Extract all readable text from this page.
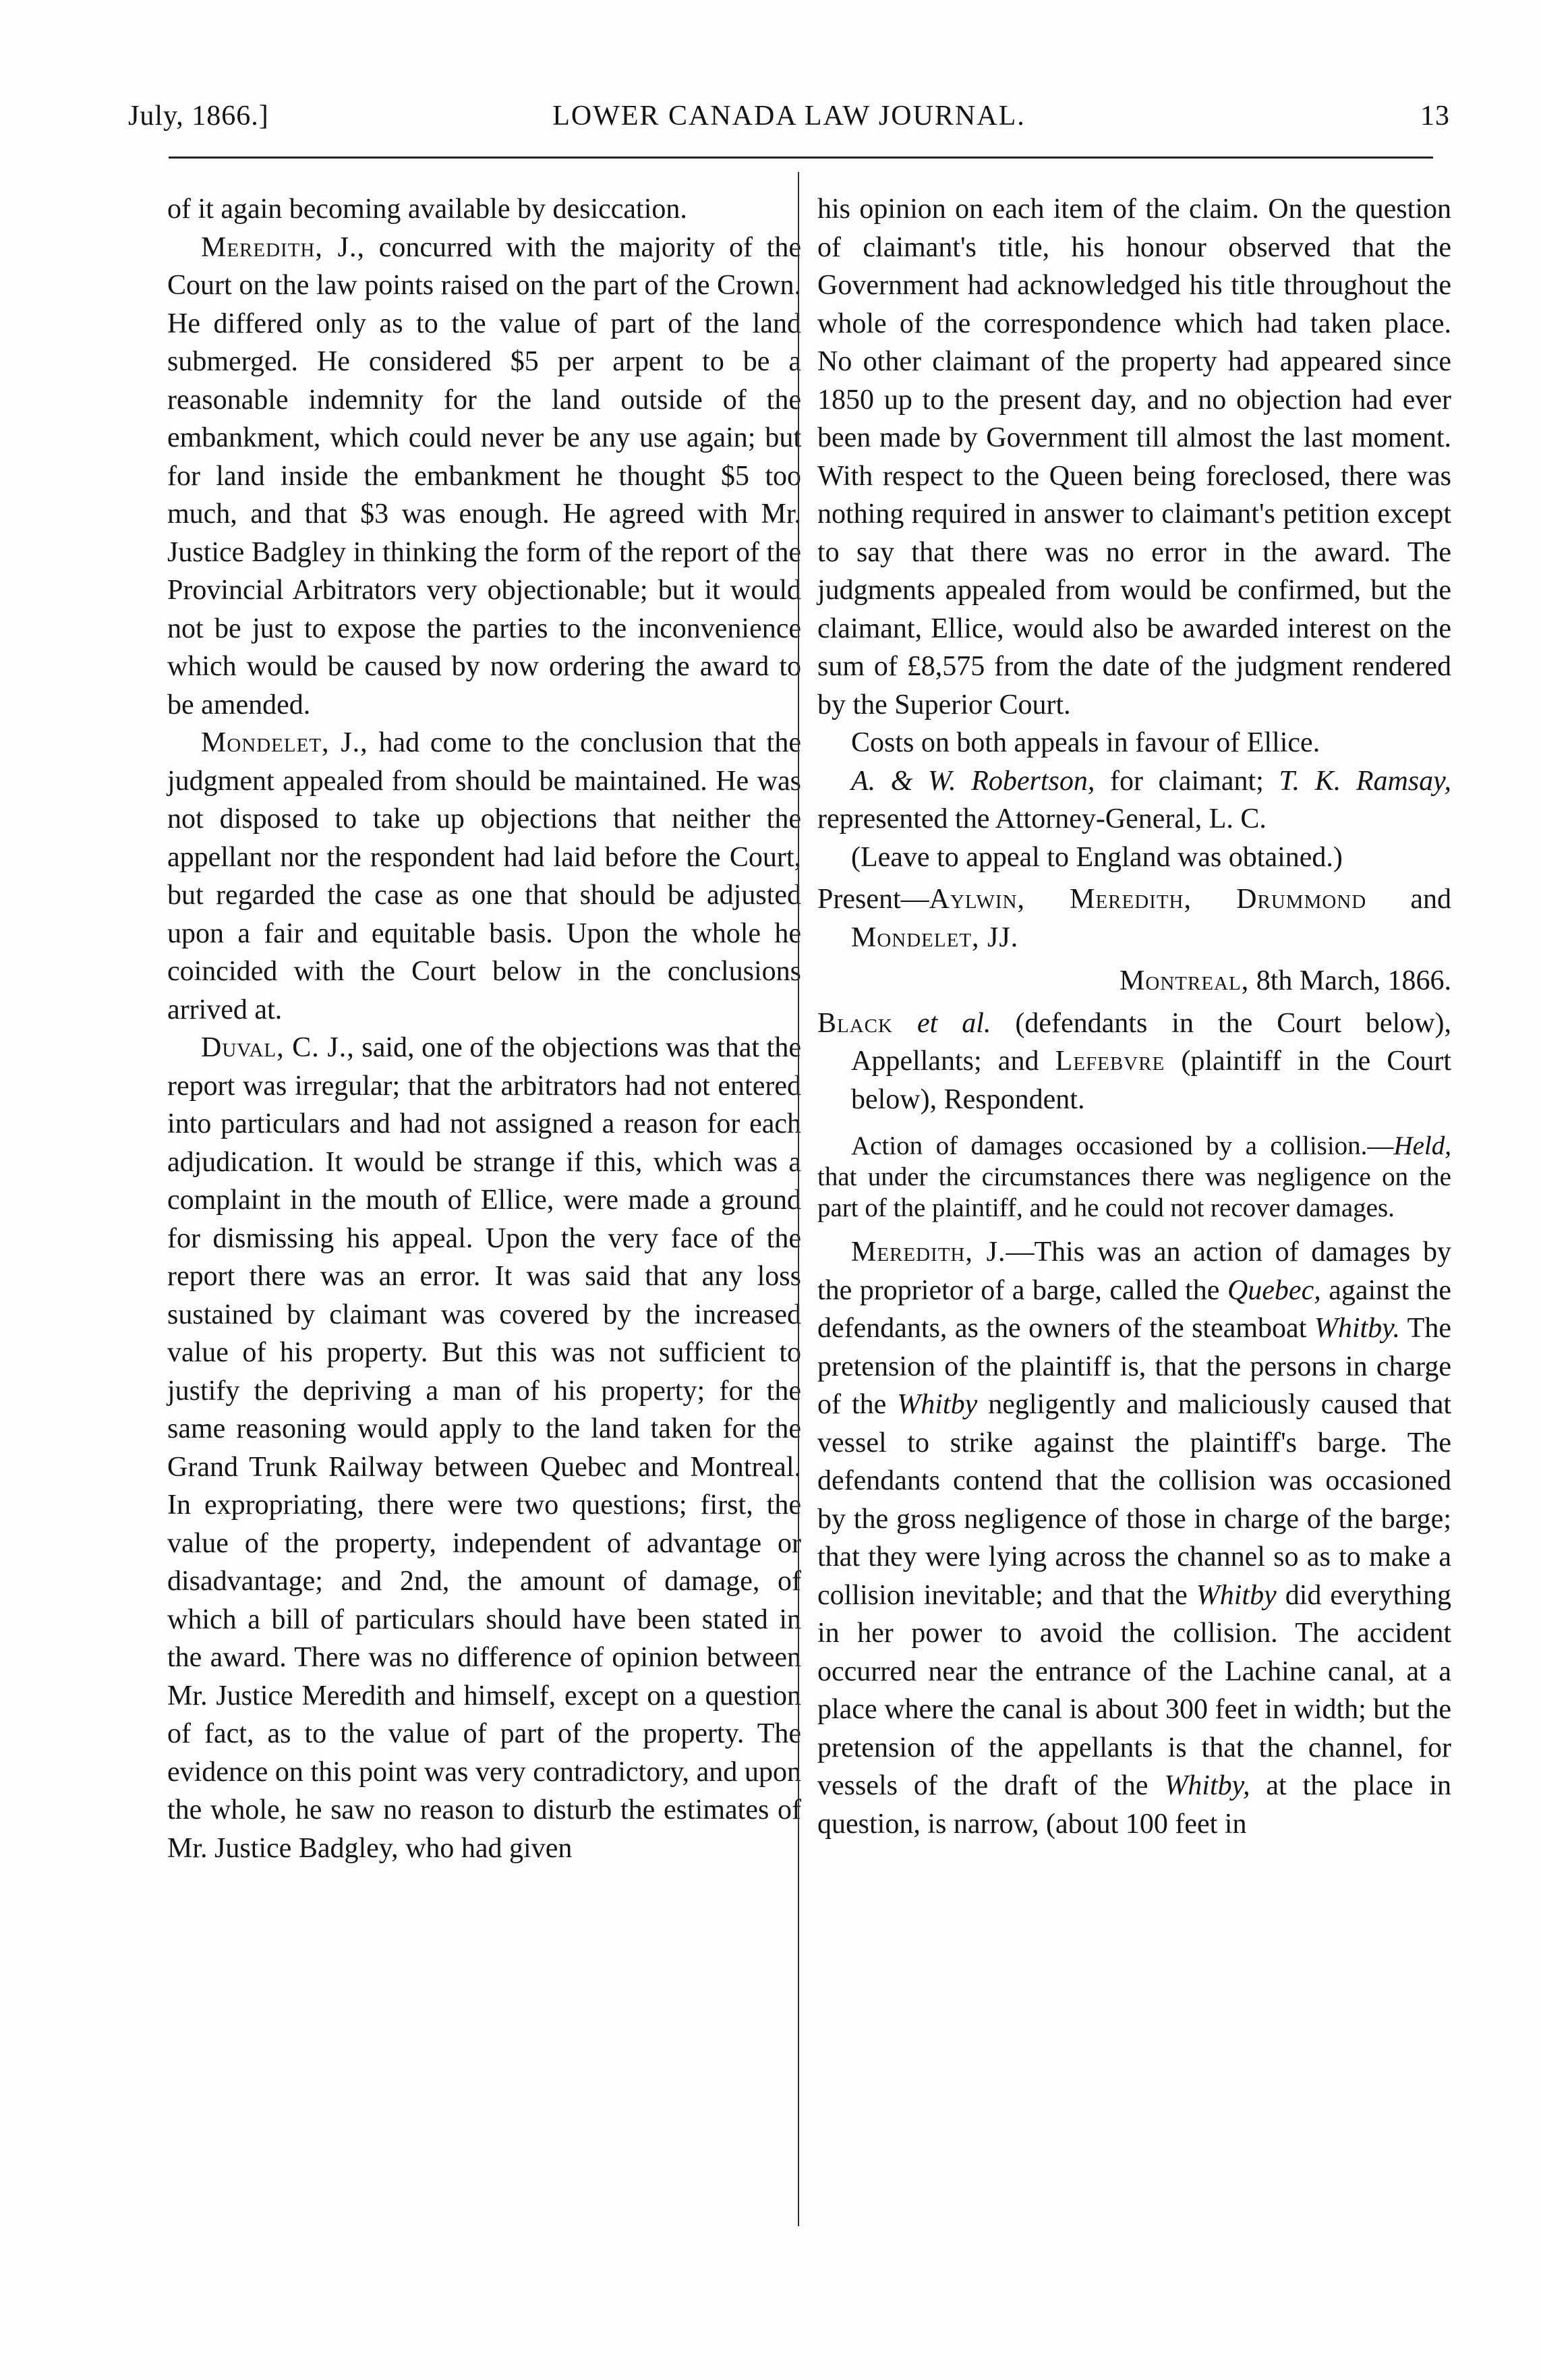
July, 1866.]	LOWER CANADA LAW JOURNAL.	13

of it again becoming available by desiccation.

Meredith, J., concurred with the majority of the Court on the law points raised on the part of the Crown. He differed only as to the value of part of the land submerged. He considered $5 per arpent to be a reasonable indemnity for the land outside of the embankment, which could never be any use again; but for land inside the embankment he thought $5 too much, and that $3 was enough. He agreed with Mr. Justice Badgley in thinking the form of the report of the Provincial Arbitrators very objectionable; but it would not be just to expose the parties to the inconvenience which would be caused by now ordering the award to be amended.

Mondelet, J., had come to the conclusion that the judgment appealed from should be maintained. He was not disposed to take up objections that neither the appellant nor the respondent had laid before the Court, but regarded the case as one that should be adjusted upon a fair and equitable basis. Upon the whole he coincided with the Court below in the conclusions arrived at.

Duval, C. J., said, one of the objections was that the report was irregular; that the arbitrators had not entered into particulars and had not assigned a reason for each adjudication. It would be strange if this, which was a complaint in the mouth of Ellice, were made a ground for dismissing his appeal. Upon the very face of the report there was an error. It was said that any loss sustained by claimant was covered by the increased value of his property. But this was not sufficient to justify the depriving a man of his property; for the same reasoning would apply to the land taken for the Grand Trunk Railway between Quebec and Montreal. In expropriating, there were two questions; first, the value of the property, independent of advantage or disadvantage; and 2nd, the amount of damage, of which a bill of particulars should have been stated in the award. There was no difference of opinion between Mr. Justice Meredith and himself, except on a question of fact, as to the value of part of the property. The evidence on this point was very contradictory, and upon the whole, he saw no reason to disturb the estimates of Mr. Justice Badgley, who had given

his opinion on each item of the claim. On the question of claimant's title, his honour observed that the Government had acknowledged his title throughout the whole of the correspondence which had taken place. No other claimant of the property had appeared since 1850 up to the present day, and no objection had ever been made by Government till almost the last moment. With respect to the Queen being foreclosed, there was nothing required in answer to claimant's petition except to say that there was no error in the award. The judgments appealed from would be confirmed, but the claimant, Ellice, would also be awarded interest on the sum of £8,575 from the date of the judgment rendered by the Superior Court.

Costs on both appeals in favour of Ellice.

A. & W. Robertson, for claimant; T. K. Ramsay, represented the Attorney-General, L. C.

(Leave to appeal to England was obtained.)

Present—Aylwin, Meredith, Drummond and Mondelet, JJ.

Montreal, 8th March, 1866.

Black et al. (defendants in the Court below), Appellants; and Lefebvre (plaintiff in the Court below), Respondent.

Action of damages occasioned by a collision.—Held, that under the circumstances there was negligence on the part of the plaintiff, and he could not recover damages.

Meredith, J.—This was an action of damages by the proprietor of a barge, called the Quebec, against the defendants, as the owners of the steamboat Whitby. The pretension of the plaintiff is, that the persons in charge of the Whitby negligently and maliciously caused that vessel to strike against the plaintiff's barge. The defendants contend that the collision was occasioned by the gross negligence of those in charge of the barge; that they were lying across the channel so as to make a collision inevitable; and that the Whitby did everything in her power to avoid the collision. The accident occurred near the entrance of the Lachine canal, at a place where the canal is about 300 feet in width; but the pretension of the appellants is that the channel, for vessels of the draft of the Whitby, at the place in question, is narrow, (about 100 feet in
